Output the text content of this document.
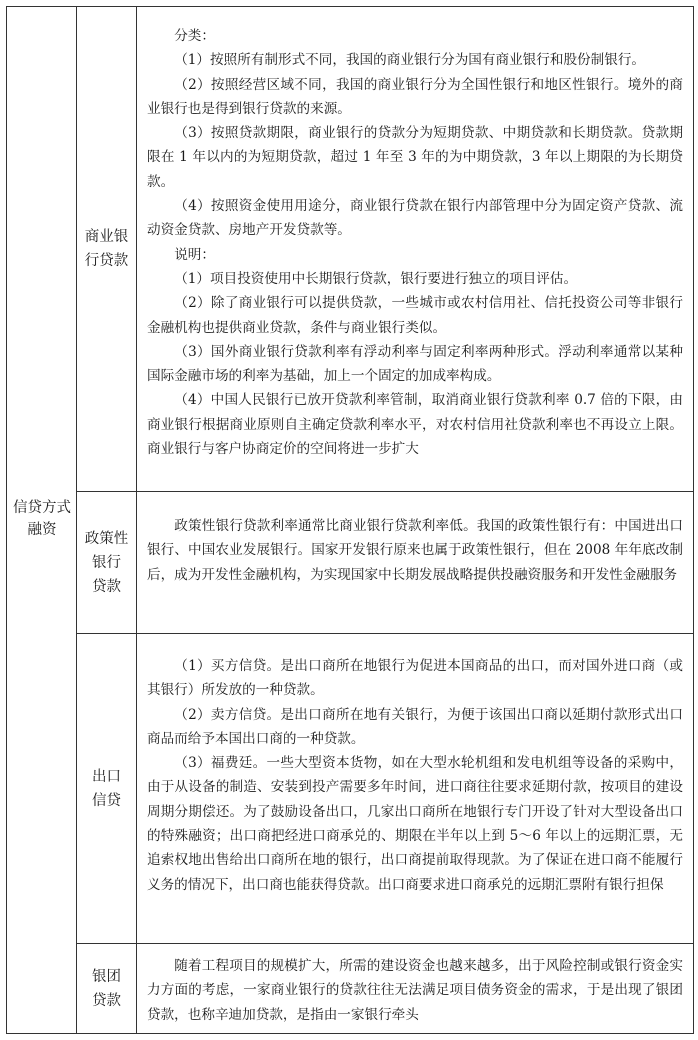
信贷方式
融资
商业银
行贷款

分类：

（1）按照所有制形式不同，我国的商业银行分为国有商业银行和股份制银行。

（2）按照经营区域不同，我国的商业银行分为全国性银行和地区性银行。境外的商业银行也是得到银行贷款的来源。

（3）按照贷款期限，商业银行的贷款分为短期贷款、中期贷款和长期贷款。贷款期限在 1 年以内的为短期贷款，超过 1 年至 3 年的为中期贷款，3 年以上期限的为长期贷款。

（4）按照资金使用用途分，商业银行贷款在银行内部管理中分为固定资产贷款、流动资金贷款、房地产开发贷款等。

说明：

（1）项目投资使用中长期银行贷款，银行要进行独立的项目评估。

（2）除了商业银行可以提供贷款，一些城市或农村信用社、信托投资公司等非银行金融机构也提供商业贷款，条件与商业银行类似。

（3）国外商业银行贷款利率有浮动利率与固定利率两种形式。浮动利率通常以某种国际金融市场的利率为基础，加上一个固定的加成率构成。

（4）中国人民银行已放开贷款利率管制，取消商业银行贷款利率 0.7 倍的下限，由商业银行根据商业原则自主确定贷款利率水平，对农村信用社贷款利率也不再设立上限。商业银行与客户协商定价的空间将进一步扩大

政策性
银行
贷款

政策性银行贷款利率通常比商业银行贷款利率低。我国的政策性银行有：中国进出口银行、中国农业发展银行。国家开发银行原来也属于政策性银行，但在 2008 年年底改制后，成为开发性金融机构，为实现国家中长期发展战略提供投融资服务和开发性金融服务

出口
信贷

（1）买方信贷。是出口商所在地银行为促进本国商品的出口，而对国外进口商（或其银行）所发放的一种贷款。

（2）卖方信贷。是出口商所在地有关银行，为便于该国出口商以延期付款形式出口商品而给予本国出口商的一种贷款。

（3）福费廷。一些大型资本货物，如在大型水轮机组和发电机组等设备的采购中，由于从设备的制造、安装到投产需要多年时间，进口商往往要求延期付款，按项目的建设周期分期偿还。为了鼓励设备出口，几家出口商所在地银行专门开设了针对大型设备出口的特殊融资；出口商把经进口商承兑的、期限在半年以上到 5～6 年以上的远期汇票，无追索权地出售给出口商所在地的银行，出口商提前取得现款。为了保证在进口商不能履行义务的情况下，出口商也能获得贷款。出口商要求进口商承兑的远期汇票附有银行担保

银团
贷款

随着工程项目的规模扩大，所需的建设资金也越来越多，出于风险控制或银行资金实力方面的考虑，一家商业银行的贷款往往无法满足项目债务资金的需求，于是出现了银团贷款，也称辛迪加贷款，是指由一家银行牵头
